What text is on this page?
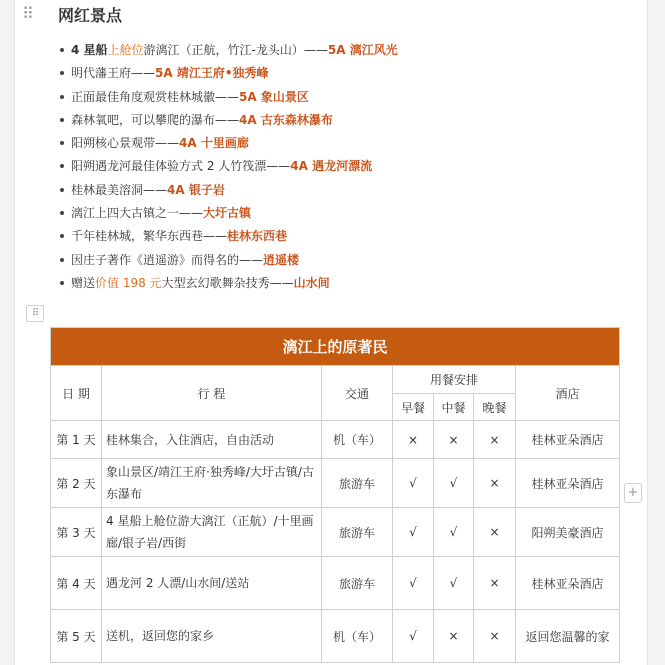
⠿ 网红景点
4 星船上舱位游漓江（正航，竹江-龙头山）——5A 漓江风光
明代藩王府——5A 靖江王府•独秀峰
正面最佳角度观赏桂林城徽——5A 象山景区
森林氧吧，可以攀爬的瀑布——4A 古东森林瀑布
阳朔核心景观带——4A 十里画廊
阳朔遇龙河最佳体验方式 2 人竹筏漂——4A 遇龙河漂流
桂林最美溶洞——4A 银子岩
漓江上四大古镇之一——大圩古镇
千年桂林城，繁华东西巷——桂林东西巷
因庄子著作《逍遥游》而得名的——逍遥楼
赠送价值 198 元大型玄幻歌舞杂技秀——山水间
⠿
漓江上的原著民						
日 期	行 程	交通	用餐安排			酒店
			早餐	中餐	晚餐	
第 1 天	桂林集合，入住酒店，自由活动	机（车）	×	×	×	桂林亚朵酒店
第 2 天	象山景区/靖江王府·独秀峰/大圩古镇/古东瀑布	旅游车	√	√	×	桂林亚朵酒店
第 3 天	4 星船上舱位游大漓江（正航）/十里画廊/银子岩/西街	旅游车	√	√	×	阳朔美豪酒店
第 4 天	遇龙河 2 人漂/山水间/送站	旅游车	√	√	×	桂林亚朵酒店
第 5 天	送机，返回您的家乡	机（车）	√	×	×	返回您温馨的家
+
